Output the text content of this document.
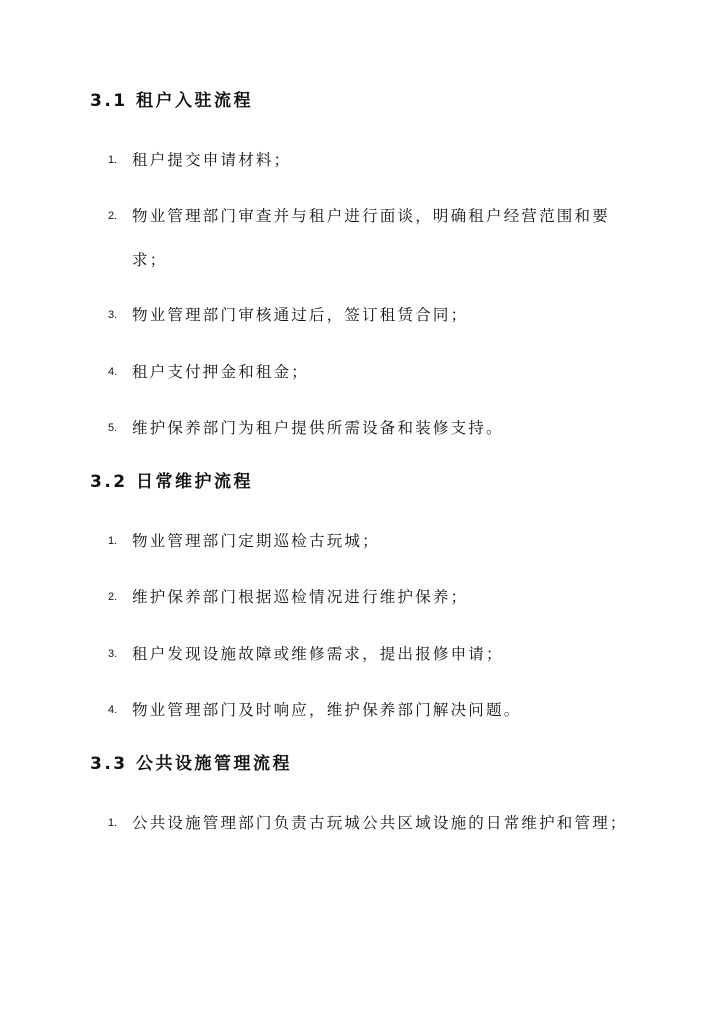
3.1 租户入驻流程
1. 租户提交申请材料；
2. 物业管理部门审查并与租户进行面谈，明确租户经营范围和要求；
3. 物业管理部门审核通过后，签订租赁合同；
4. 租户支付押金和租金；
5. 维护保养部门为租户提供所需设备和装修支持。
3.2 日常维护流程
1. 物业管理部门定期巡检古玩城；
2. 维护保养部门根据巡检情况进行维护保养；
3. 租户发现设施故障或维修需求，提出报修申请；
4. 物业管理部门及时响应，维护保养部门解决问题。
3.3 公共设施管理流程
1. 公共设施管理部门负责古玩城公共区域设施的日常维护和管理；
